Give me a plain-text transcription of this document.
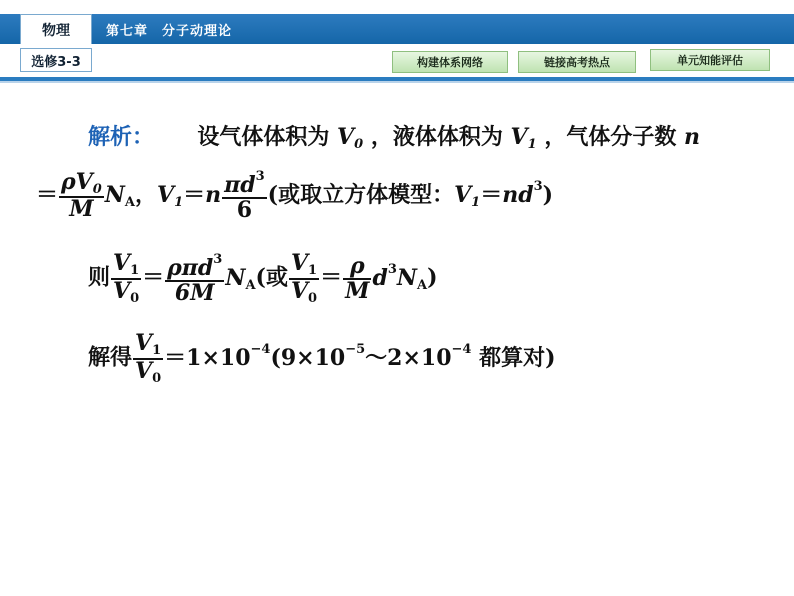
物理	第七章　分子动理论
选修3-3	构建体系网络	链接高考热点	单元知能评估
解析： 设气体体积为 $V_0$ ，液体体积为 $V_1$ ，气体分子数 n
＝ $\frac{\rho V_0}{M} N_A$，$V_1=n \frac{\pi d^3}{6}$ (或取立方体模型：$V_1=nd^3$)
则 $\frac{V_1}{V_0} = \frac{\rho\pi d^3}{6M} N_A$(或 $\frac{V_1}{V_0} = \frac{\rho}{M} d^3N_A$)
解得 $\frac{V_1}{V_0}$ $=1\times 10^{-4}(9\times 10^{-5}\sim 2\times 10^{-4}$ 都算对)
